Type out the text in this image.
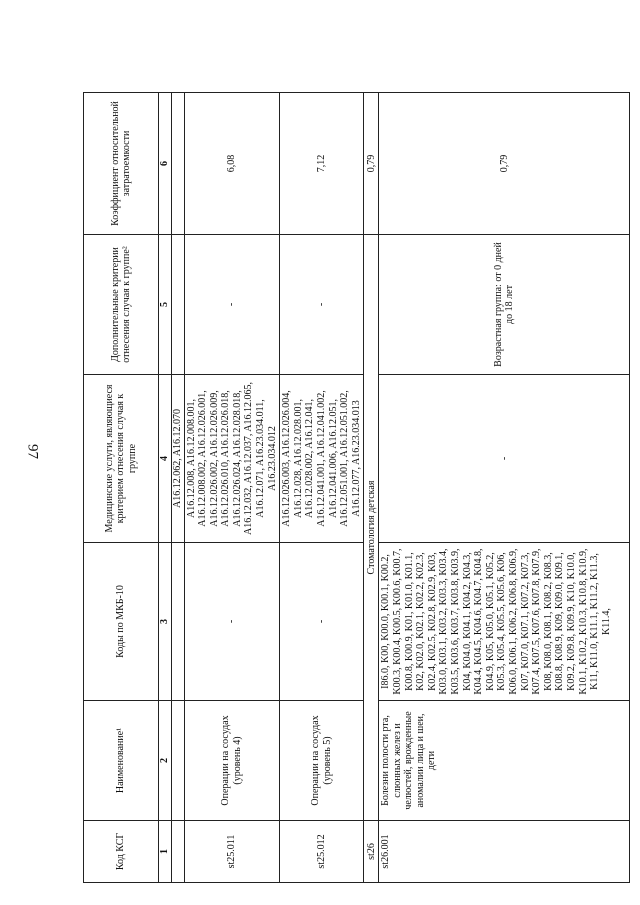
97
Код КСГ	Наименование¹	Коды по МКБ-10	Медицинские услуги, являющиеся критерием отнесения случая к группе	Дополнительные критерии отнесения случая к группе²	Коэффициент относительной затратоемкости
1	2	3	4	5	6
			A16.12.062, A16.12.070		
st25.011	Операции на сосудах (уровень 4)	-	A16.12.008, A16.12.008.001, A16.12.008.002, A16.12.026.001, A16.12.026.002, A16.12.026.009, A16.12.026.010, A16.12.026.018, A16.12.026.024, A16.12.028.018, A16.12.032, A16.12.037, A16.12.065, A16.12.071, A16.23.034.011, A16.23.034.012	-	6,08
st25.012	Операции на сосудах (уровень 5)	-	A16.12.026.003, A16.12.026.004, A16.12.028, A16.12.028.001, A16.12.028.002, A16.12.041, A16.12.041.001, A16.12.041.002, A16.12.041.006, A16.12.051, A16.12.051.001, A16.12.051.002, A16.12.077, A16.23.034.013	-	7,12
st26	Стоматология детская				0,79
st26.001	Болезни полости рта, слюнных желез и челюстей, врожденные аномалии лица и шеи, дети	I86.0, K00, K00.0, K00.1, K00.2, K00.3, K00.4, K00.5, K00.6, K00.7, K00.8, K00.9, K01, K01.0, K01.1, K02, K02.0, K02.1, K02.2, K02.3, K02.4, K02.5, K02.8, K02.9, K03, K03.0, K03.1, K03.2, K03.3, K03.4, K03.5, K03.6, K03.7, K03.8, K03.9, K04, K04.0, K04.1, K04.2, K04.3, K04.4, K04.5, K04.6, K04.7, K04.8, K04.9, K05, K05.0, K05.1, K05.2, K05.3, K05.4, K05.5, K05.6, K06, K06.0, K06.1, K06.2, K06.8, K06.9, K07, K07.0, K07.1, K07.2, K07.3, K07.4, K07.5, K07.6, K07.8, K07.9, K08, K08.0, K08.1, K08.2, K08.3, K08.8, K08.9, K09, K09.0, K09.1, K09.2, K09.8, K09.9, K10, K10.0, K10.1, K10.2, K10.3, K10.8, K10.9, K11, K11.0, K11.1, K11.2, K11.3, K11.4,	-	Возрастная группа: от 0 дней до 18 лет	0,79
